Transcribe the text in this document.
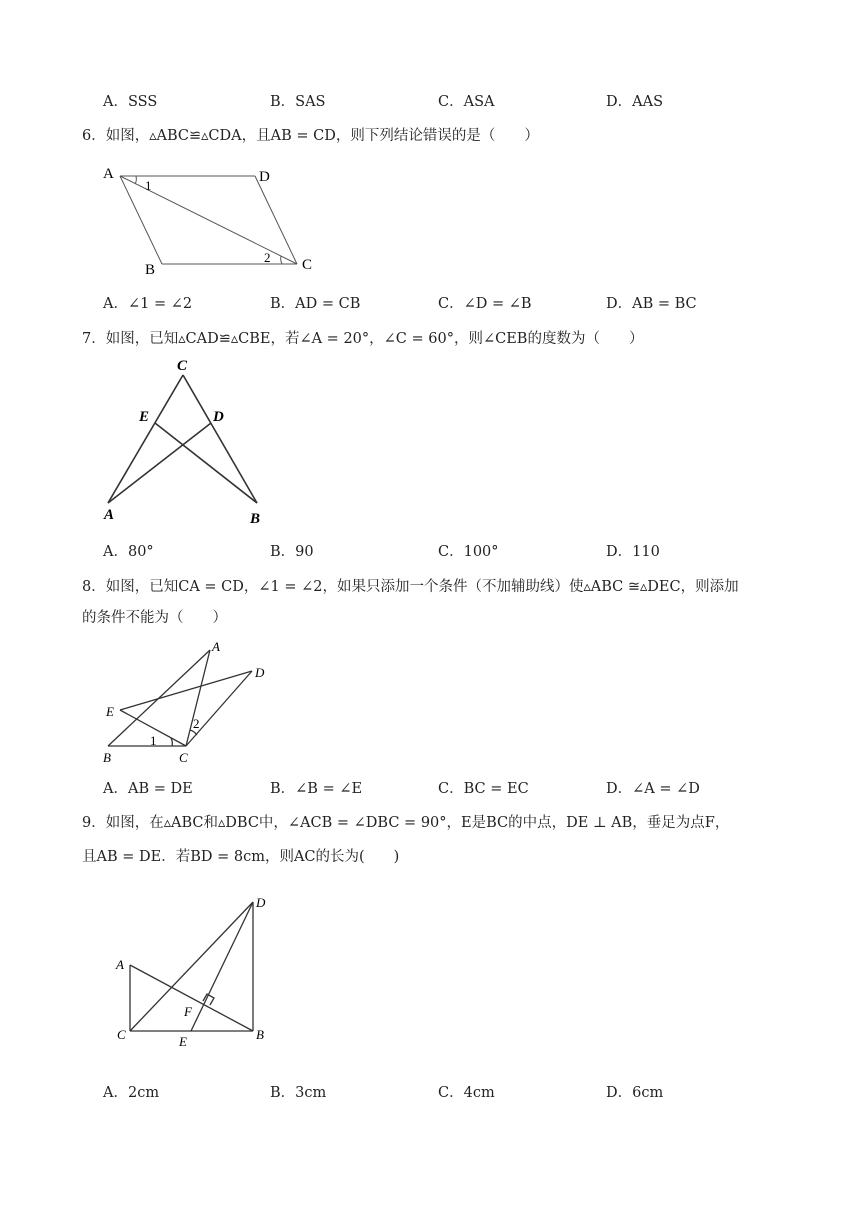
A．SSS	B．SAS	C．ASA	D．AAS
6．如图，▵ABC≌▵CDA，且AB = CD，则下列结论错误的是（　　）
A	D
B	C
1
2
A．∠1 = ∠2	B．AD = CB	C．∠D = ∠B	D．AB = BC
7．如图，已知▵CAD≌▵CBE，若∠A = 20°，∠C = 60°，则∠CEB的度数为（　　）
C
E	D
A	B
A．80°	B．90	C．100°	D．110
8．如图，已知CA = CD，∠1 = ∠2，如果只添加一个条件（不加辅助线）使▵ABC ≅▵DEC，则添加
的条件不能为（　　）
A
D
E
B	C
1
2
A．AB = DE	B．∠B = ∠E	C．BC = EC	D．∠A = ∠D
9．如图，在▵ABC和▵DBC中，∠ACB = ∠DBC = 90°，E是BC的中点，DE ⊥ AB，垂足为点F，
且AB = DE．若BD = 8cm，则AC的长为(　　)
D
A
F
C	B
E
A．2cm	B．3cm	C．4cm	D．6cm
